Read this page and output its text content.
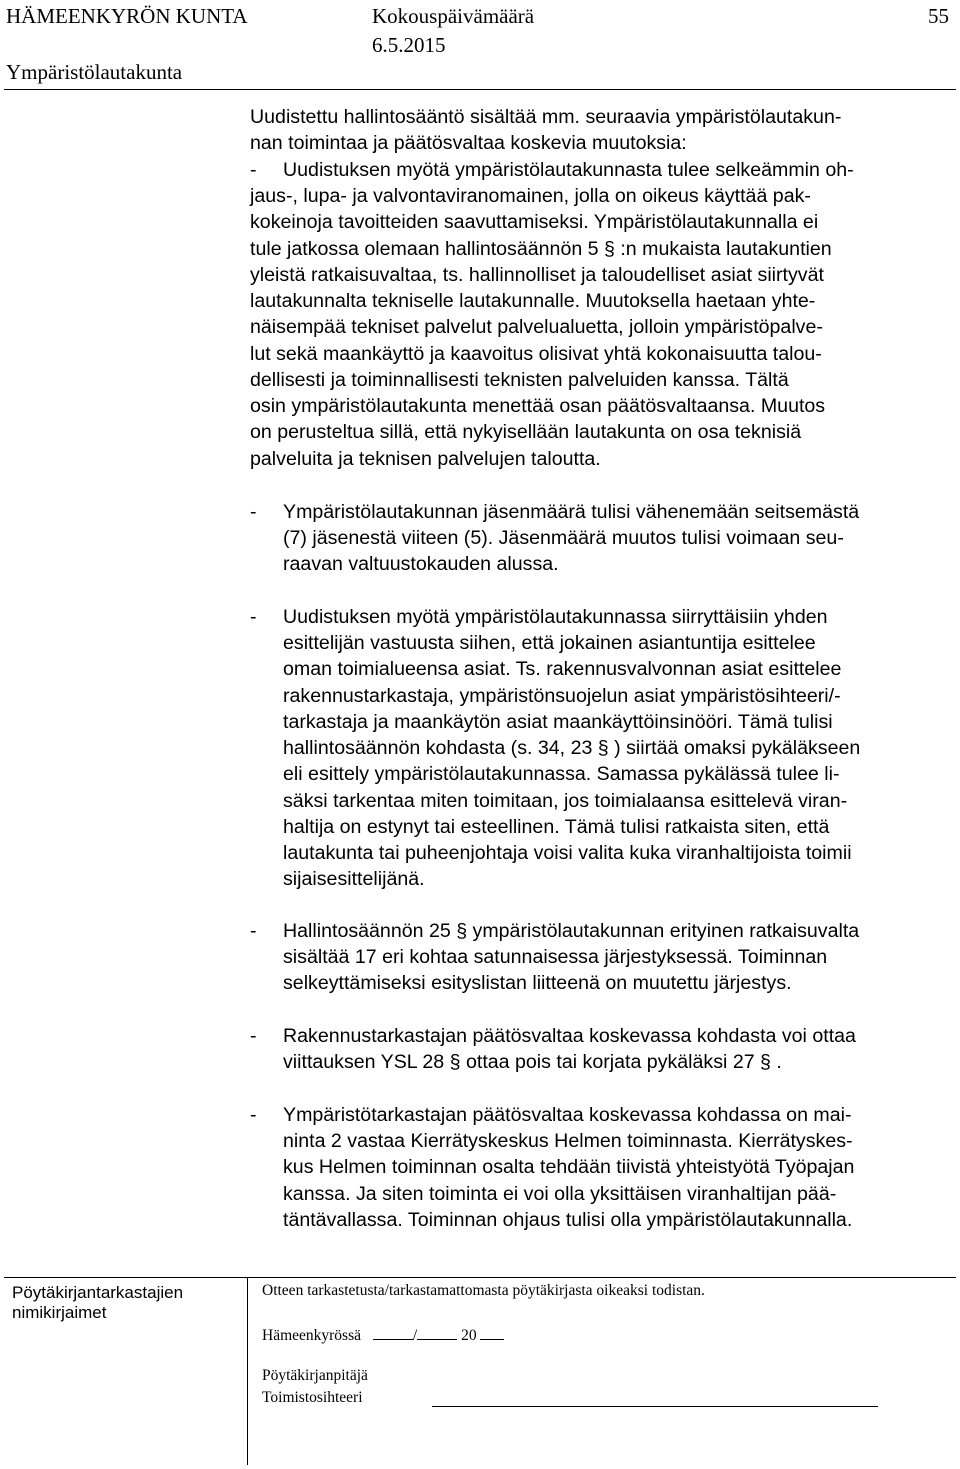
HÄMEENKYRÖN KUNTA	Kokouspäivämäärä	55
6.5.2015
Ympäristölautakunta
Uudistettu hallintosääntö sisältää mm. seuraavia ympäristölautakun-
nan toimintaa ja päätösvaltaa koskevia muutoksia:
- Uudistuksen myötä ympäristölautakunnasta tulee selkeämmin oh-
jaus-, lupa- ja valvontaviranomainen, jolla on oikeus käyttää pak-
kokeinoja tavoitteiden saavuttamiseksi. Ympäristölautakunnalla ei
tule jatkossa olemaan hallintosäännön 5 § :n mukaista lautakuntien
yleistä ratkaisuvaltaa, ts. hallinnolliset ja taloudelliset asiat siirtyvät
lautakunnalta tekniselle lautakunnalle. Muutoksella haetaan yhte-
näisempää tekniset palvelut palvelualuetta, jolloin ympäristöpalve-
lut sekä maankäyttö ja kaavoitus olisivat yhtä kokonaisuutta talou-
dellisesti ja toiminnallisesti teknisten palveluiden kanssa. Tältä
osin ympäristölautakunta menettää osan päätösvaltaansa. Muutos
on perusteltua sillä, että nykyisellään lautakunta on osa teknisiä
palveluita ja teknisen palvelujen taloutta.
- Ympäristölautakunnan jäsenmäärä tulisi vähenemään seitsemästä
(7) jäsenestä viiteen (5). Jäsenmäärä muutos tulisi voimaan seu-
raavan valtuustokauden alussa.
- Uudistuksen myötä ympäristölautakunnassa siirryttäisiin yhden
esittelijän vastuusta siihen, että jokainen asiantuntija esittelee
oman toimialueensa asiat. Ts. rakennusvalvonnan asiat esittelee
rakennustarkastaja, ympäristönsuojelun asiat ympäristösihteeri/-
tarkastaja ja maankäytön asiat maankäyttöinsinööri. Tämä tulisi
hallintosäännön kohdasta (s. 34, 23 § ) siirtää omaksi pykäläkseen
eli esittely ympäristölautakunnassa. Samassa pykälässä tulee li-
säksi tarkentaa miten toimitaan, jos toimialaansa esittelevä viran-
haltija on estynyt tai esteellinen. Tämä tulisi ratkaista siten, että
lautakunta tai puheenjohtaja voisi valita kuka viranhaltijoista toimii
sijaisesittelijänä.
- Hallintosäännön 25 § ympäristölautakunnan erityinen ratkaisuvalta
sisältää 17 eri kohtaa satunnaisessa järjestyksessä. Toiminnan
selkeyttämiseksi esityslistan liitteenä on muutettu järjestys.
- Rakennustarkastajan päätösvaltaa koskevassa kohdasta voi ottaa
viittauksen YSL 28 § ottaa pois tai korjata pykäläksi 27 § .
- Ympäristötarkastajan päätösvaltaa koskevassa kohdassa on mai-
ninta 2 vastaa Kierrätyskeskus Helmen toiminnasta. Kierrätyskes-
kus Helmen toiminnan osalta tehdään tiivistä yhteistyötä Työpajan
kanssa. Ja siten toiminta ei voi olla yksittäisen viranhaltijan pää-
täntävallassa. Toiminnan ohjaus tulisi olla ympäristölautakunnalla.
Pöytäkirjantarkastajien
nimikirjaimet
Otteen tarkastetusta/tarkastamattomasta pöytäkirjasta oikeaksi todistan.
Hämeenkyrössä	/	20
Pöytäkirjanpitäjä
Toimistosihteeri
